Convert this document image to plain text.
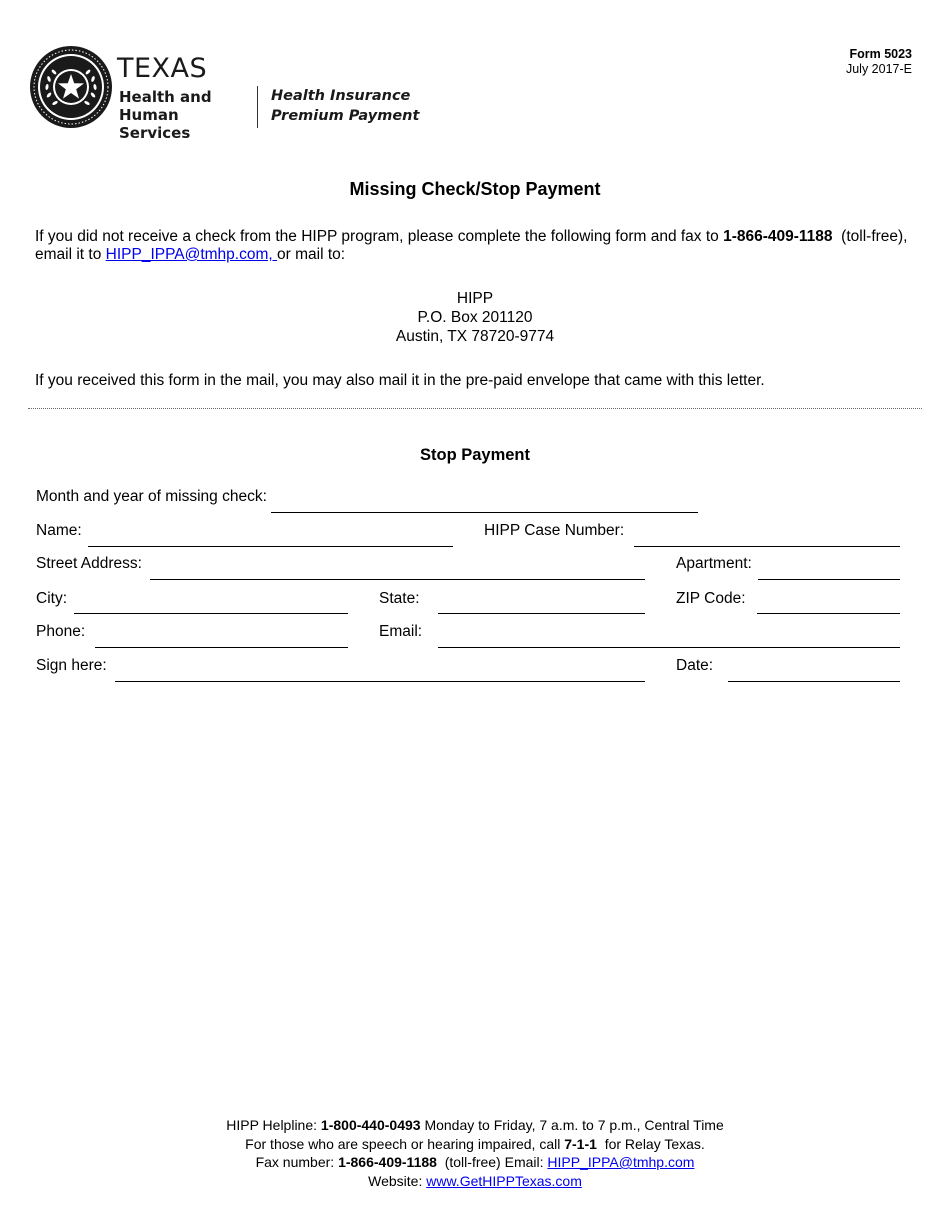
TEXAS
Health and Human
Services
Health Insurance
Premium Payment
Form 5023
July 2017-E
Missing Check/Stop Payment
If you did not receive a check from the HIPP program, please complete the following form and fax to 1-866-409-1188  (toll-free), email it to HIPP_IPPA@tmhp.com, or mail to:
HIPP
P.O. Box 201120
Austin, TX 78720-9774
If you received this form in the mail, you may also mail it in the pre-paid envelope that came with this letter.
Stop Payment
Month and year of missing check:
Name:	HIPP Case Number:
Street Address:	Apartment:
City:	State:	ZIP Code:
Phone:	Email:
Sign here:	Date:
HIPP Helpline: 1-800-440-0493 Monday to Friday, 7 a.m. to 7 p.m., Central Time
For those who are speech or hearing impaired, call 7-1-1  for Relay Texas.
Fax number: 1-866-409-1188  (toll-free) Email: HIPP_IPPA@tmhp.com
Website: www.GetHIPPTexas.com
